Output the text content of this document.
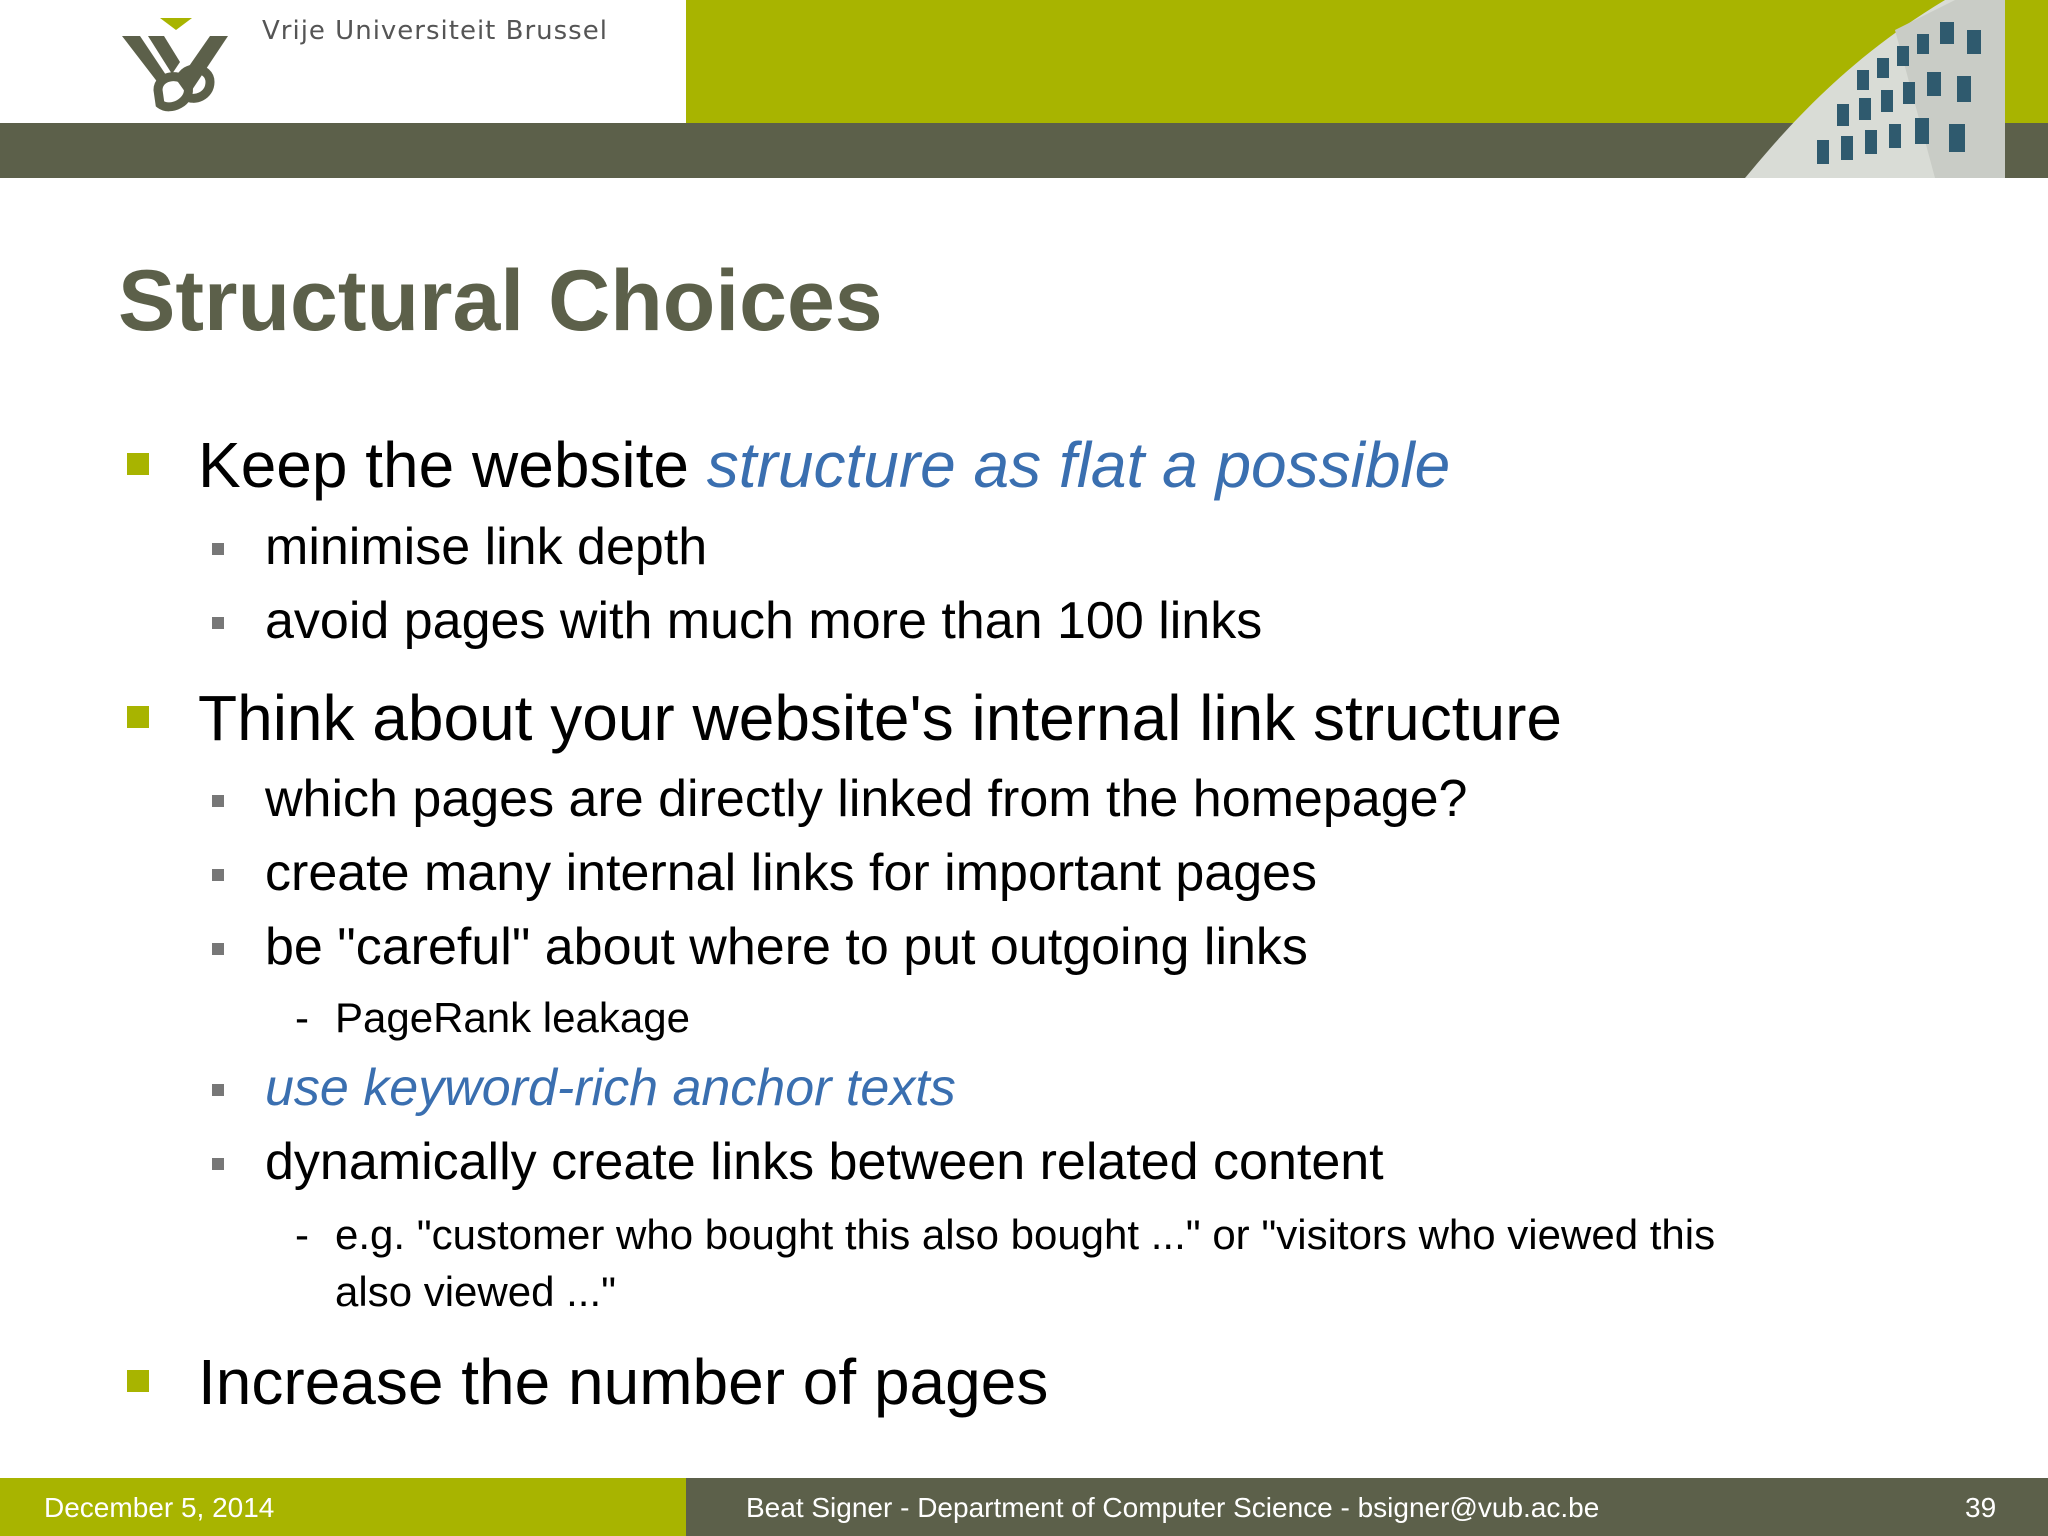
Vrije Universiteit Brussel
Structural Choices
Keep the website structure as flat a possible
minimise link depth
avoid pages with much more than 100 links
Think about your website's internal link structure
which pages are directly linked from the homepage?
create many internal links for important pages
be "careful" about where to put outgoing links
- PageRank leakage
use keyword-rich anchor texts
dynamically create links between related content
- e.g. "customer who bought this also bought ..." or "visitors who viewed this
also viewed ..."
Increase the number of pages
December 5, 2014	Beat Signer - Department of Computer Science - bsigner@vub.ac.be	39
